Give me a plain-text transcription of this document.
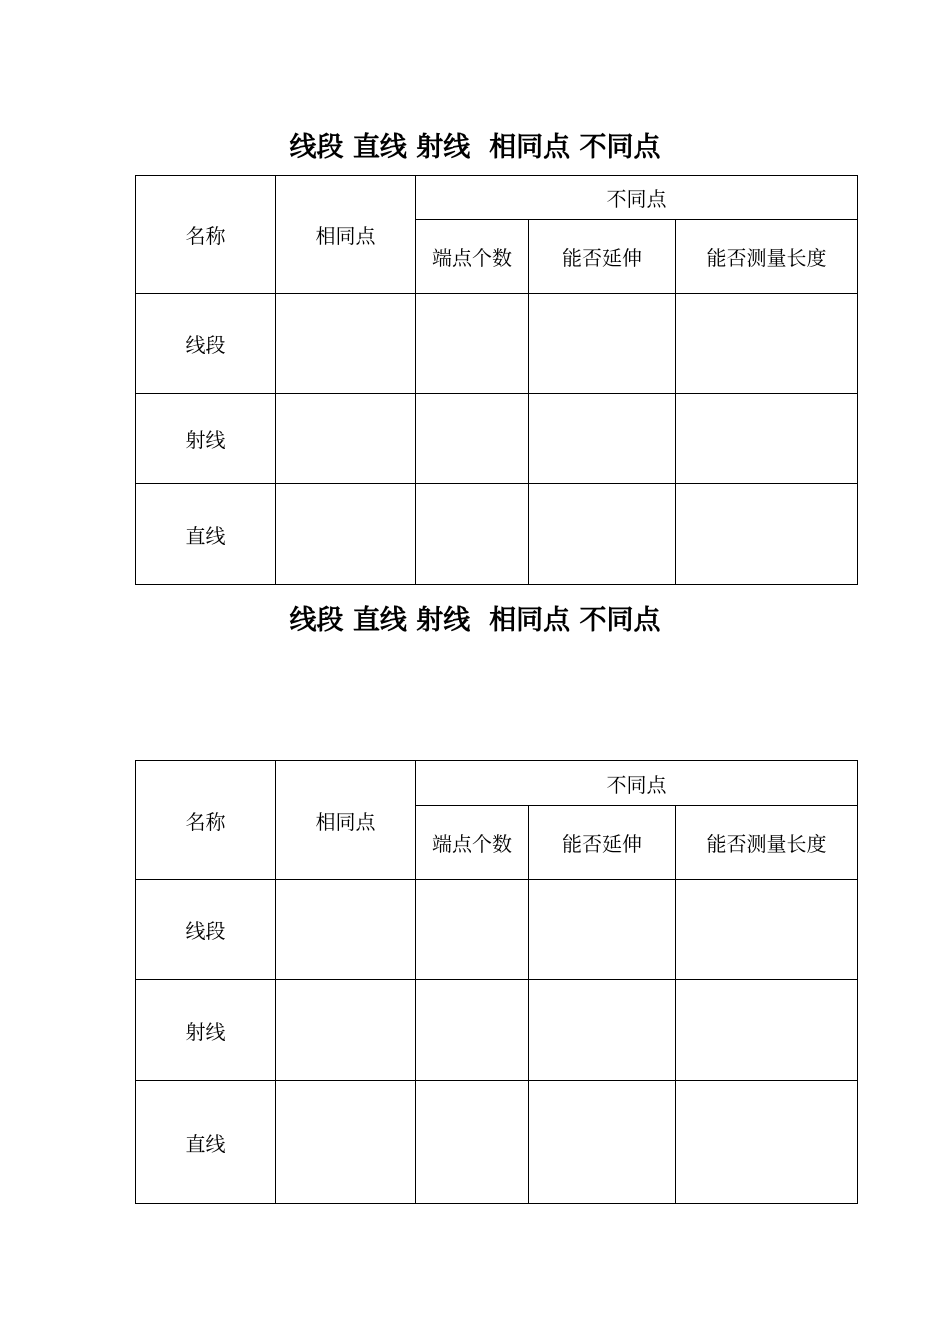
线段 直线 射线 相同点 不同点
名称	相同点	不同点		
		端点个数	能否延伸	能否测量长度
线段				
射线				
直线				
线段 直线 射线 相同点 不同点
名称	相同点	不同点		
		端点个数	能否延伸	能否测量长度
线段				
射线				
直线				
